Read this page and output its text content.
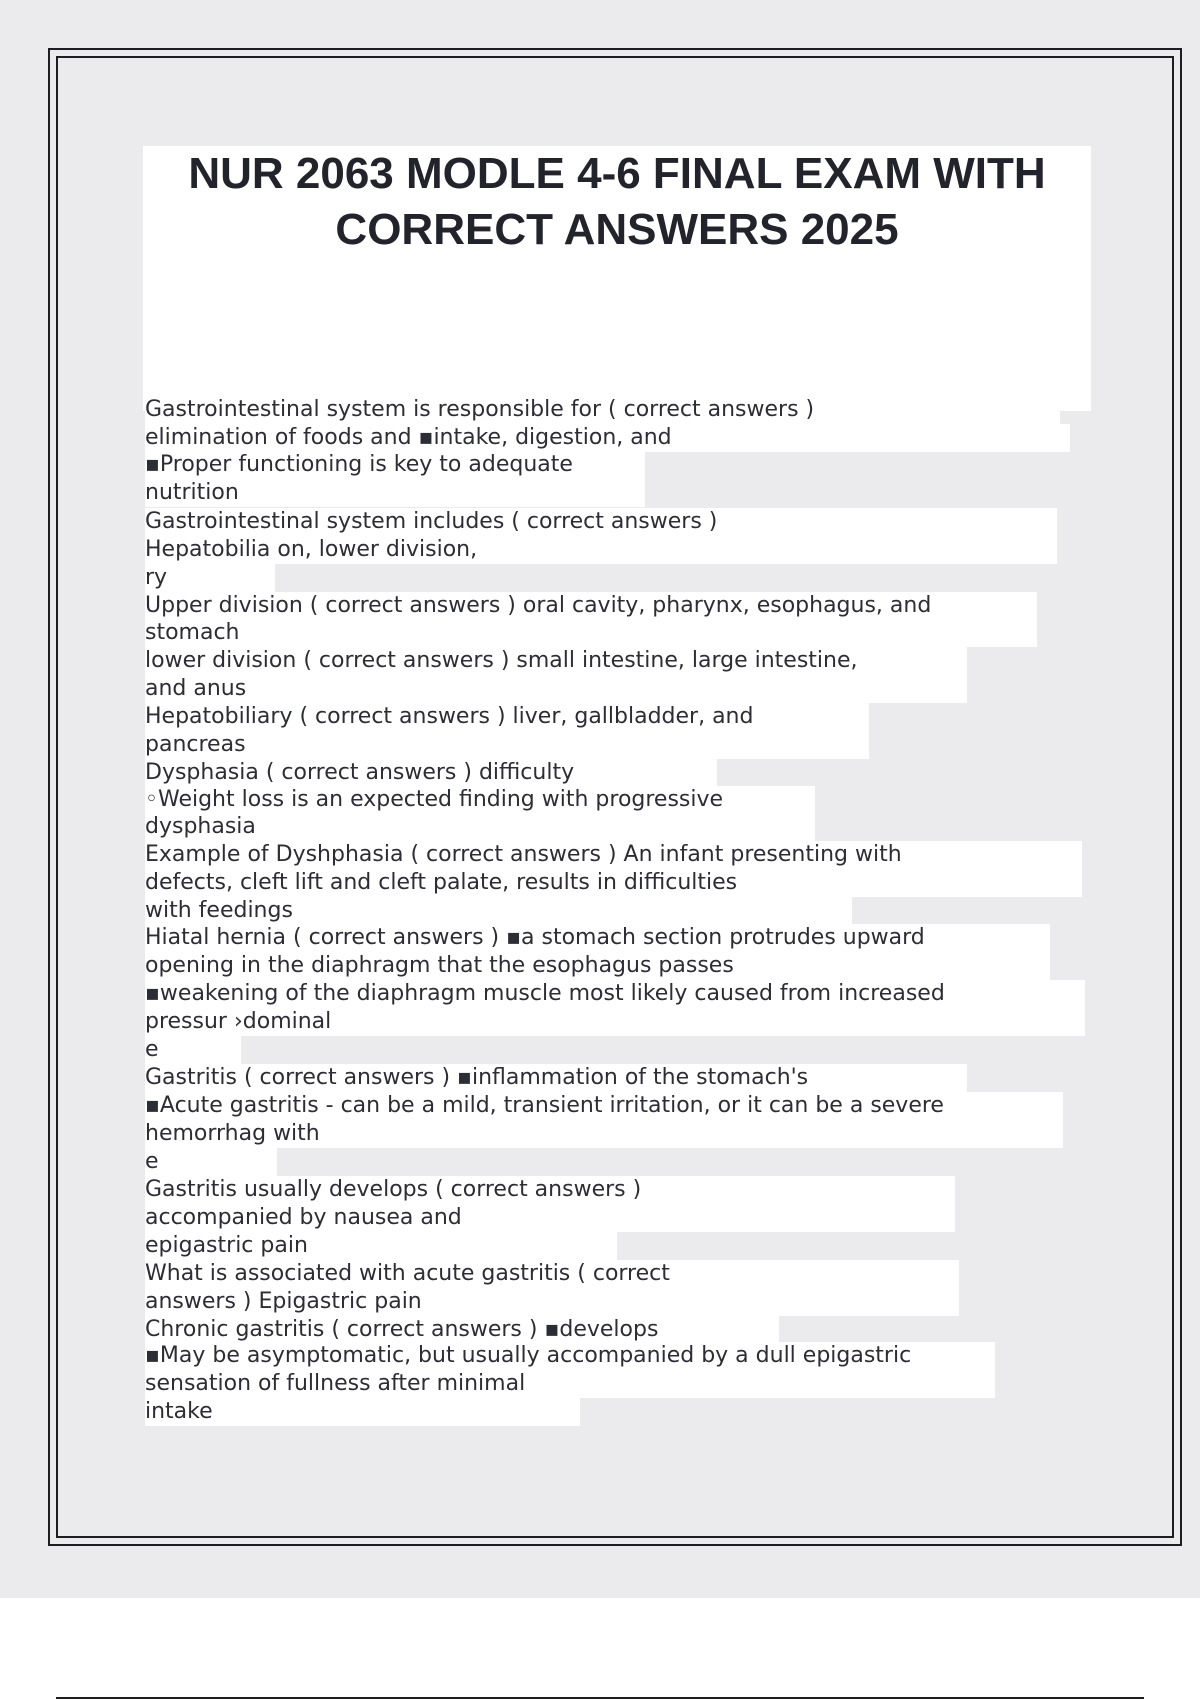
NUR 2063 MODLE 4-6 FINAL EXAM WITH CORRECT ANSWERS 2025
Gastrointestinal system is responsible for ( correct answers )
elimination of foods and ▪intake, digestion, and
▪Proper functioning is key to adequate
nutrition
Gastrointestinal system includes ( correct answers )
Hepatobilia on, lower division,
ry
Upper division ( correct answers ) oral cavity, pharynx, esophagus, and
stomach
lower division ( correct answers ) small intestine, large intestine,
and anus
Hepatobiliary ( correct answers ) liver, gallbladder, and
pancreas
Dysphasia ( correct answers ) difficulty
◦Weight loss is an expected finding with progressive
dysphasia
Example of Dyshphasia ( correct answers ) An infant presenting with
defects, cleft lift and cleft palate, results in difficulties
with feedings
Hiatal hernia ( correct answers ) ▪a stomach section protrudes upward
opening in the diaphragm that the esophagus passes
▪weakening of the diaphragm muscle most likely caused from increased
pressur ›dominal
e
Gastritis ( correct answers ) ▪inflammation of the stomach's
▪Acute gastritis - can be a mild, transient irritation, or it can be a severe
hemorrhag with
e
Gastritis usually develops ( correct answers )
accompanied by nausea and
epigastric pain
What is associated with acute gastritis ( correct
answers ) Epigastric pain
Chronic gastritis ( correct answers ) ▪develops
▪May be asymptomatic, but usually accompanied by a dull epigastric
sensation of fullness after minimal
intake
